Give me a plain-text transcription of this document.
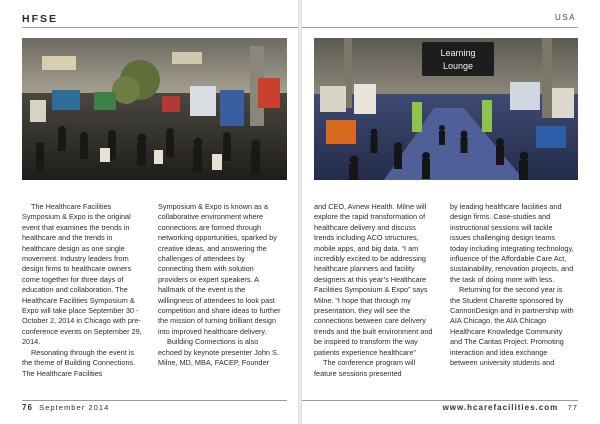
HFSE

The Healthcare Facilities Symposium & Expo is the original event that examines the trends in healthcare and the trends in healthcare design as one single movement. Industry leaders from design firms to healthcare owners come together for three days of education and collaboration. The Healthcare Facilities Symposium & Expo will take place September 30 - October 2, 2014 in Chicago with pre-conference events on September 29, 2014.

Resonating through the event is the theme of Building Connections. The Healthcare Facilities

Symposium & Expo is known as a collaborative environment where connections are formed through networking opportunities, sparked by creative ideas, and answering the challenges of attendees by connecting them with solution providers or expert speakers. A hallmark of the event is the willingness of attendees to look past competition and share ideas to further the mission of turning brilliant design into improved healthcare delivery.

Building Connections is also echoed by keynote presenter John S. Milne, MD, MBA, FACEP, Founder

76 September 2014
USA
Learning
Lounge

and CEO, Avnew Health. Milne will explore the rapid transformation of healthcare delivery and discuss trends including ACO structures, mobile apps, and big data. “I am incredibly excited to be addressing healthcare planners and facility designers at this year’s Healthcare Facilities Symposium & Expo” says Milne. “I hope that through my presentation, they will see the connections between care delivery trends and the built environment and be inspired to transform the way patients experience healthcare”

The conference program will feature sessions presented

by leading healthcare facilities and design firms. Case-studies and instructional sessions will tackle issues challenging design teams today including integrating technology, influence of the Affordable Care Act, sustainability, renovation projects, and the task of doing more with less.

Returning for the second year is the Student Charette sponsored by CannonDesign and in partnership with AIA Chicago, the AIA Chicago Healthcare Knowledge Community and The Caritas Project. Promoting interaction and idea exchange between university students and

www.hcarefacilities.com 77
